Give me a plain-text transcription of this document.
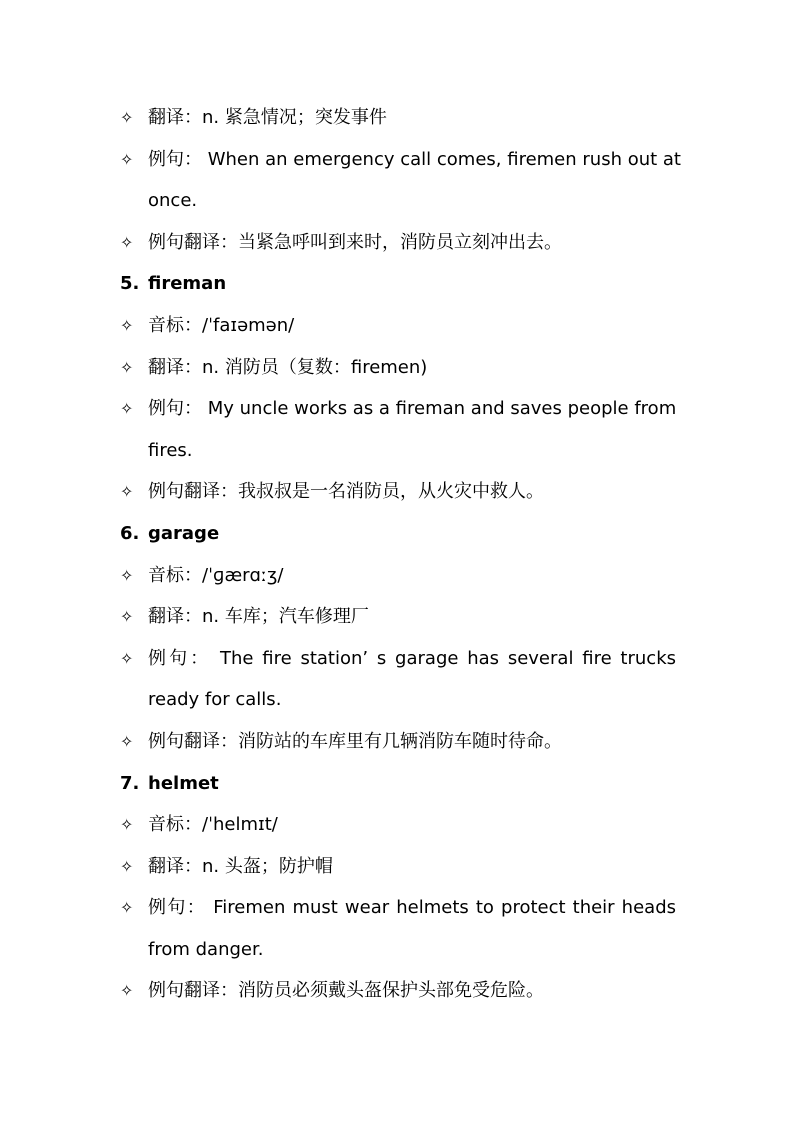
✧ 翻译：n. 紧急情况；突发事件
✧ 例句： When an emergency call comes, firemen rush out at
once.
✧ 例句翻译：当紧急呼叫到来时，消防员立刻冲出去。
5. fireman
✧ 音标：/ˈfaɪəmən/
✧ 翻译：n. 消防员（复数：firemen)
✧ 例句： My uncle works as a fireman and saves people from
fires.
✧ 例句翻译：我叔叔是一名消防员，从火灾中救人。
6. garage
✧ 音标：/ˈɡærɑːʒ/
✧ 翻译：n. 车库；汽车修理厂
✧ 例句： The fire station’ s garage has several fire trucks
ready for calls.
✧ 例句翻译：消防站的车库里有几辆消防车随时待命。
7. helmet
✧ 音标：/ˈhelmɪt/
✧ 翻译：n. 头盔；防护帽
✧ 例句： Firemen must wear helmets to protect their heads
from danger.
✧ 例句翻译：消防员必须戴头盔保护头部免受危险。
